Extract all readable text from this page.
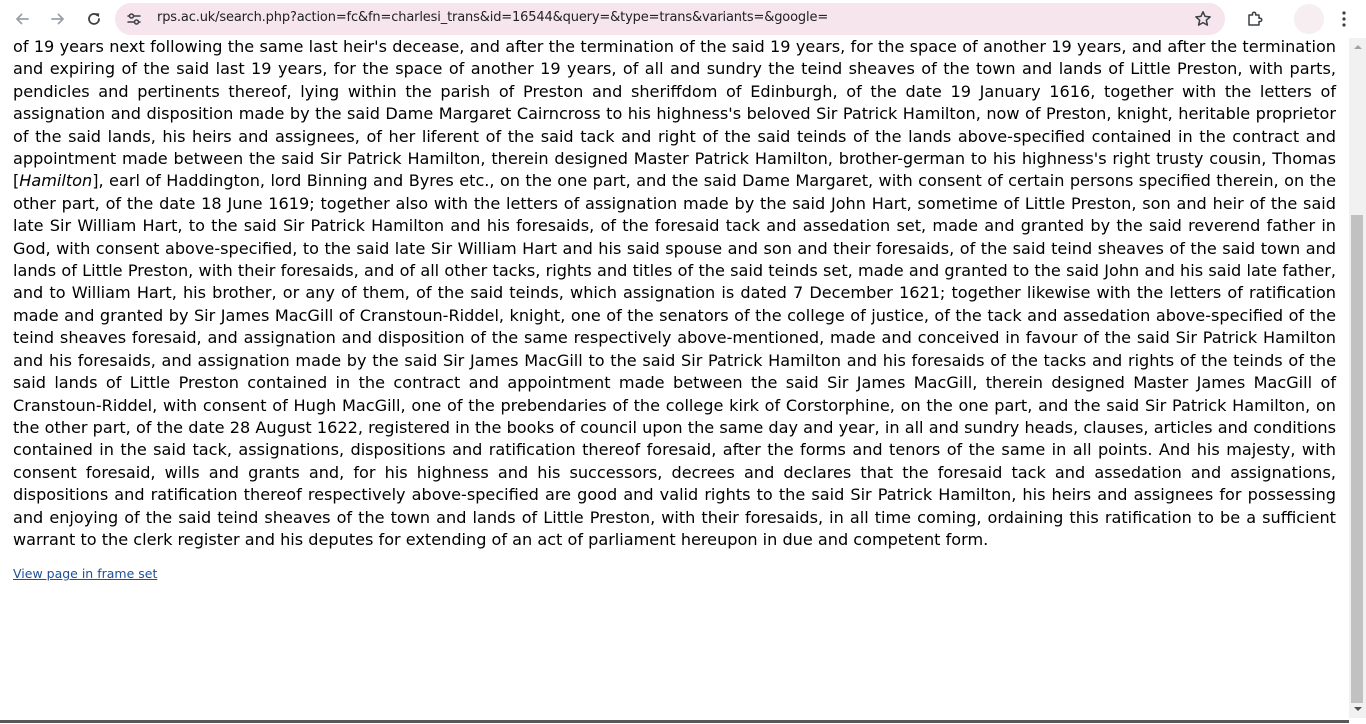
rps.ac.uk/search.php?action=fc&fn=charlesi_trans&id=16544&query=&type=trans&variants=&google=

of 19 years next following the same last heir's decease, and after the termination of the said 19 years, for the space of another 19 years, and after the termination and expiring of the said last 19 years, for the space of another 19 years, of all and sundry the teind sheaves of the town and lands of Little Preston, with parts, pendicles and pertinents thereof, lying within the parish of Preston and sheriffdom of Edinburgh, of the date 19 January 1616, together with the letters of assignation and disposition made by the said Dame Margaret Cairncross to his highness's beloved Sir Patrick Hamilton, now of Preston, knight, heritable proprietor of the said lands, his heirs and assignees, of her liferent of the said tack and right of the said teinds of the lands above-specified contained in the contract and appointment made between the said Sir Patrick Hamilton, therein designed Master Patrick Hamilton, brother-german to his highness's right trusty cousin, Thomas [Hamilton], earl of Haddington, lord Binning and Byres etc., on the one part, and the said Dame Margaret, with consent of certain persons specified therein, on the other part, of the date 18 June 1619; together also with the letters of assignation made by the said John Hart, sometime of Little Preston, son and heir of the said late Sir William Hart, to the said Sir Patrick Hamilton and his foresaids, of the foresaid tack and assedation set, made and granted by the said reverend father in God, with consent above-specified, to the said late Sir William Hart and his said spouse and son and their foresaids, of the said teind sheaves of the said town and lands of Little Preston, with their foresaids, and of all other tacks, rights and titles of the said teinds set, made and granted to the said John and his said late father, and to William Hart, his brother, or any of them, of the said teinds, which assignation is dated 7 December 1621; together likewise with the letters of ratification made and granted by Sir James MacGill of Cranstoun-Riddel, knight, one of the senators of the college of justice, of the tack and assedation above-specified of the teind sheaves foresaid, and assignation and disposition of the same respectively above-mentioned, made and conceived in favour of the said Sir Patrick Hamilton and his foresaids, and assignation made by the said Sir James MacGill to the said Sir Patrick Hamilton and his foresaids of the tacks and rights of the teinds of the said lands of Little Preston contained in the contract and appointment made between the said Sir James MacGill, therein designed Master James MacGill of Cranstoun-Riddel, with consent of Hugh MacGill, one of the prebendaries of the college kirk of Corstorphine, on the one part, and the said Sir Patrick Hamilton, on the other part, of the date 28 August 1622, registered in the books of council upon the same day and year, in all and sundry heads, clauses, articles and conditions contained in the said tack, assignations, dispositions and ratification thereof foresaid, after the forms and tenors of the same in all points. And his majesty, with consent foresaid, wills and grants and, for his highness and his successors, decrees and declares that the foresaid tack and assedation and assignations, dispositions and ratification thereof respectively above-specified are good and valid rights to the said Sir Patrick Hamilton, his heirs and assignees for possessing and enjoying of the said teind sheaves of the town and lands of Little Preston, with their foresaids, in all time coming, ordaining this ratification to be a sufficient warrant to the clerk register and his deputes for extending of an act of parliament hereupon in due and competent form.

View page in frame set
